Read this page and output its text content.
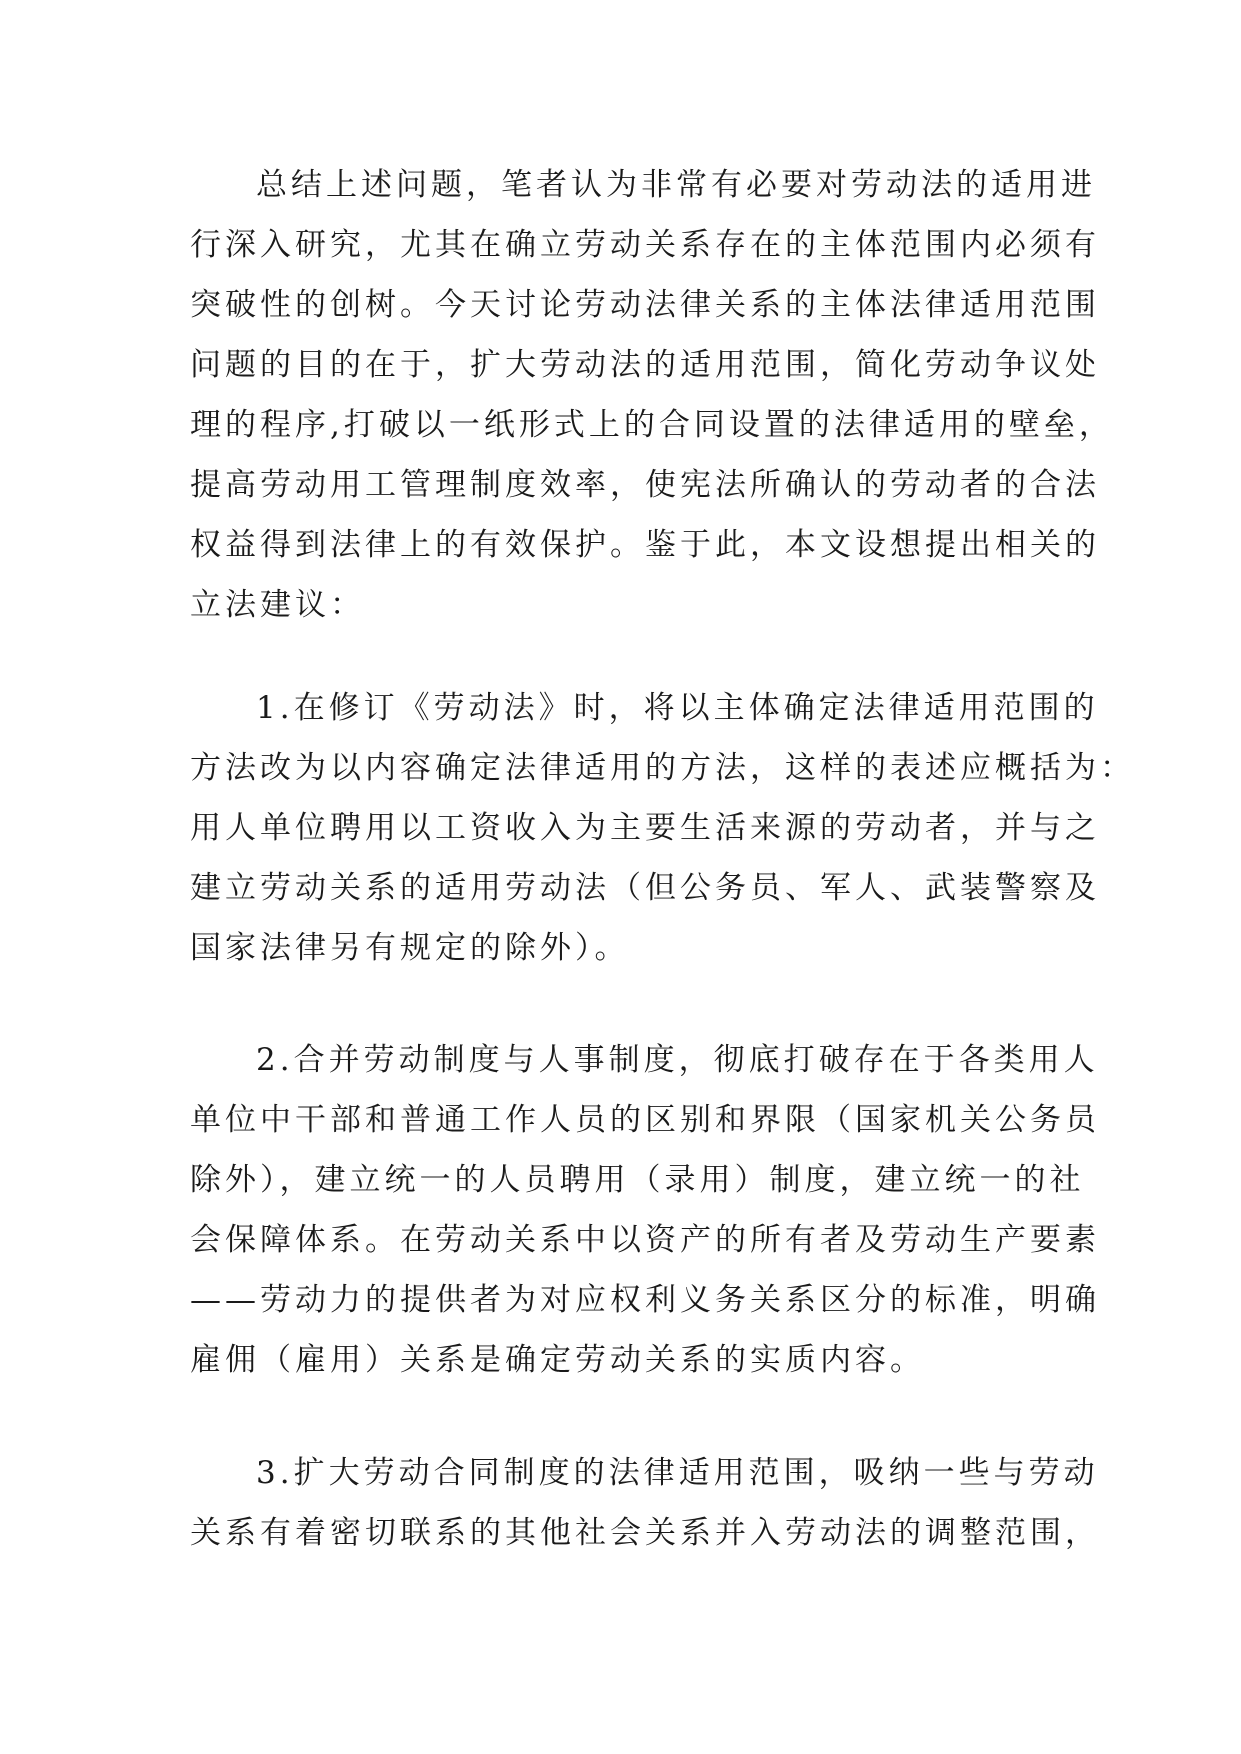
总结上述问题，笔者认为非常有必要对劳动法的适用进
行深入研究，尤其在确立劳动关系存在的主体范围内必须有
突破性的创树。今天讨论劳动法律关系的主体法律适用范围
问题的目的在于，扩大劳动法的适用范围，简化劳动争议处
理的程序,打破以一纸形式上的合同设置的法律适用的壁垒，
提高劳动用工管理制度效率，使宪法所确认的劳动者的合法
权益得到法律上的有效保护。鉴于此，本文设想提出相关的
立法建议：
1.在修订《劳动法》时，将以主体确定法律适用范围的
方法改为以内容确定法律适用的方法，这样的表述应概括为：
用人单位聘用以工资收入为主要生活来源的劳动者，并与之
建立劳动关系的适用劳动法（但公务员、军人、武装警察及
国家法律另有规定的除外）。
2.合并劳动制度与人事制度，彻底打破存在于各类用人
单位中干部和普通工作人员的区别和界限（国家机关公务员
除外），建立统一的人员聘用（录用）制度，建立统一的社
会保障体系。在劳动关系中以资产的所有者及劳动生产要素
——劳动力的提供者为对应权利义务关系区分的标准，明确
雇佣（雇用）关系是确定劳动关系的实质内容。
3.扩大劳动合同制度的法律适用范围，吸纳一些与劳动
关系有着密切联系的其他社会关系并入劳动法的调整范围，
